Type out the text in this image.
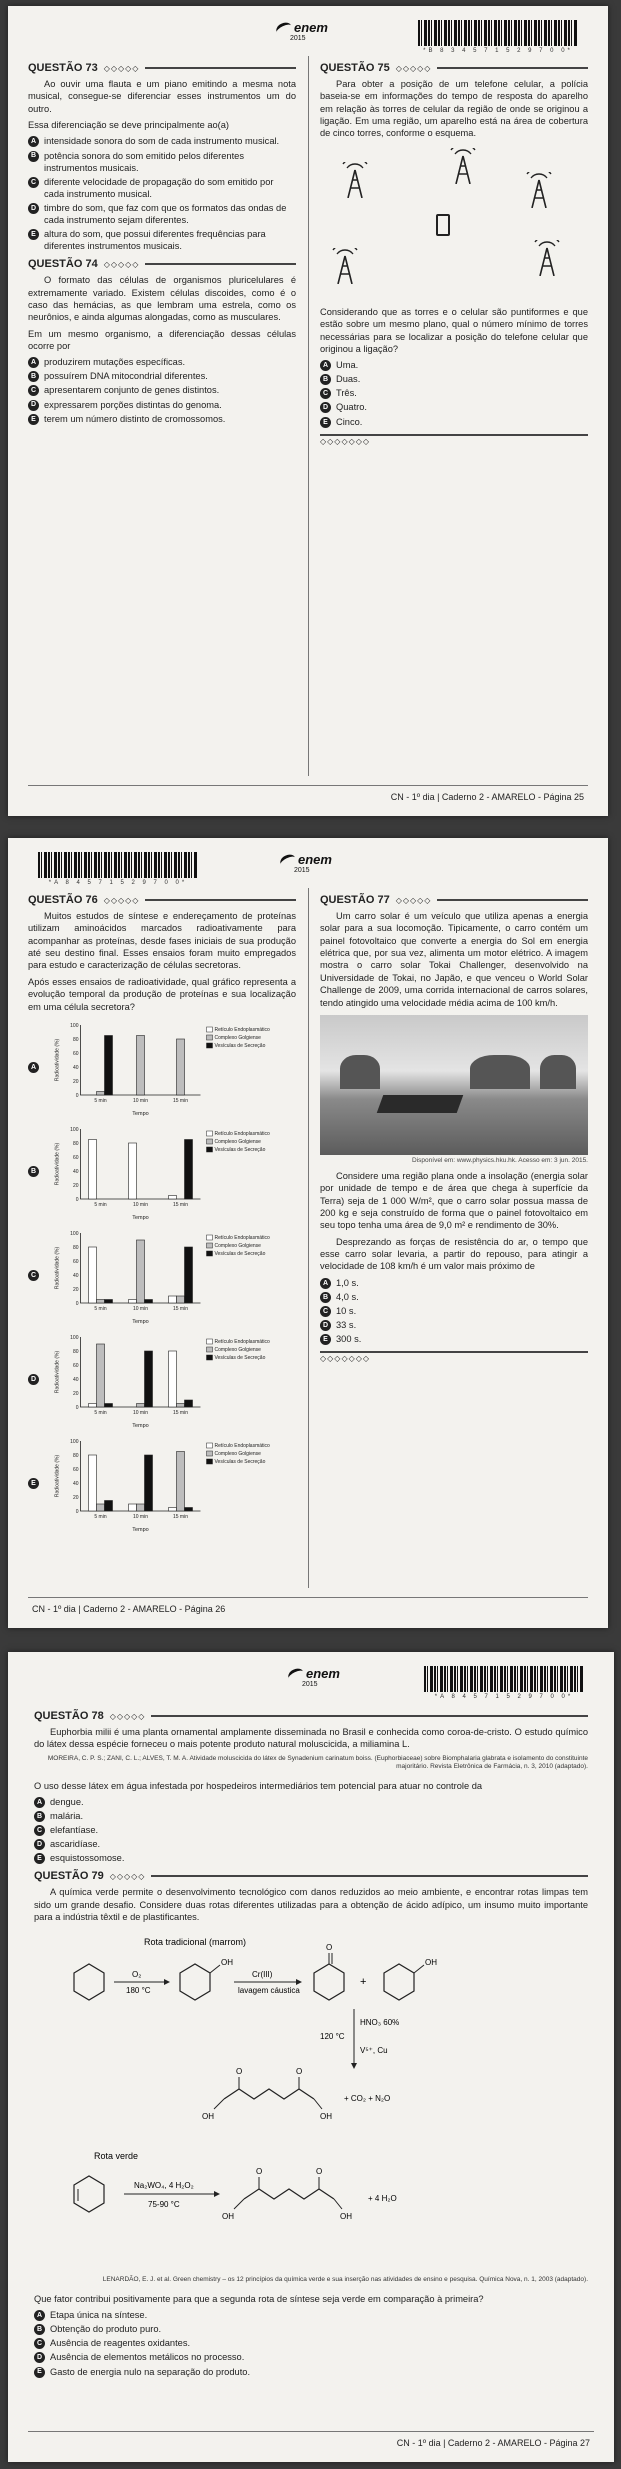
enem
2015
*B 8 3 4 5 7 1 5 2 9 7 0 0*
QUESTÃO 73 ◇◇◇◇◇

Ao ouvir uma flauta e um piano emitindo a mesma nota musical, consegue-se diferenciar esses instrumentos um do outro.

Essa diferenciação se deve principalmente ao(a)

A intensidade sonora do som de cada instrumento musical.
B potência sonora do som emitido pelos diferentes instrumentos musicais.
C diferente velocidade de propagação do som emitido por cada instrumento musical.
D timbre do som, que faz com que os formatos das ondas de cada instrumento sejam diferentes.
E altura do som, que possui diferentes frequências para diferentes instrumentos musicais.
QUESTÃO 74 ◇◇◇◇◇

O formato das células de organismos pluricelulares é extremamente variado. Existem células discoides, como é o caso das hemácias, as que lembram uma estrela, como os neurônios, e ainda algumas alongadas, como as musculares.

Em um mesmo organismo, a diferenciação dessas células ocorre por

A produzirem mutações específicas.
B possuírem DNA mitocondrial diferentes.
C apresentarem conjunto de genes distintos.
D expressarem porções distintas do genoma.
E terem um número distinto de cromossomos.
QUESTÃO 75 ◇◇◇◇◇

Para obter a posição de um telefone celular, a polícia baseia-se em informações do tempo de resposta do aparelho em relação às torres de celular da região de onde se originou a ligação. Em uma região, um aparelho está na área de cobertura de cinco torres, conforme o esquema.

Considerando que as torres e o celular são puntiformes e que estão sobre um mesmo plano, qual o número mínimo de torres necessárias para se localizar a posição do telefone celular que originou a ligação?

A Uma.
B Duas.
C Três.
D Quatro.
E Cinco.
◇◇◇◇◇◇◇
CN - 1º dia | Caderno 2 - AMARELO - Página 25
*A 8 4 5 7 1 5 2 9 7 0 0*
enem
2015
QUESTÃO 76 ◇◇◇◇◇

Muitos estudos de síntese e endereçamento de proteínas utilizam aminoácidos marcados radioativamente para acompanhar as proteínas, desde fases iniciais de sua produção até seu destino final. Esses ensaios foram muito empregados para estudo e caracterização de células secretoras.

Após esses ensaios de radioatividade, qual gráfico representa a evolução temporal da produção de proteínas e sua localização em uma célula secretora?

A
0
20
40
60
80
100
Radioatividade (%)
Tempo
5 min	10 min	15 min
Retículo Endoplasmático
Complexo Golgiense
Vesículas de Secreção
B
0
20
40
60
80
100
Radioatividade (%)
Tempo
5 min	10 min	15 min
Retículo Endoplasmático
Complexo Golgiense
Vesículas de Secreção
C
0
20
40
60
80
100
Radioatividade (%)
Tempo
5 min	10 min	15 min
Retículo Endoplasmático
Complexo Golgiense
Vesículas de Secreção
D
0
20
40
60
80
100
Radioatividade (%)
Tempo
5 min	10 min	15 min
Retículo Endoplasmático
Complexo Golgiense
Vesículas de Secreção
E
0
20
40
60
80
100
Radioatividade (%)
Tempo
5 min	10 min	15 min
Retículo Endoplasmático
Complexo Golgiense
Vesículas de Secreção
QUESTÃO 77 ◇◇◇◇◇

Um carro solar é um veículo que utiliza apenas a energia solar para a sua locomoção. Tipicamente, o carro contém um painel fotovoltaico que converte a energia do Sol em energia elétrica que, por sua vez, alimenta um motor elétrico. A imagem mostra o carro solar Tokai Challenger, desenvolvido na Universidade de Tokai, no Japão, e que venceu o World Solar Challenge de 2009, uma corrida internacional de carros solares, tendo atingido uma velocidade média acima de 100 km/h.

Disponível em: www.physics.hku.hk. Acesso em: 3 jun. 2015.

Considere uma região plana onde a insolação (energia solar por unidade de tempo e de área que chega à superfície da Terra) seja de 1 000 W/m², que o carro solar possua massa de 200 kg e seja construído de forma que o painel fotovoltaico em seu topo tenha uma área de 9,0 m² e rendimento de 30%.

Desprezando as forças de resistência do ar, o tempo que esse carro solar levaria, a partir do repouso, para atingir a velocidade de 108 km/h é um valor mais próximo de

A 1,0 s.
B 4,0 s.
C 10 s.
D 33 s.
E 300 s.
◇◇◇◇◇◇◇
CN - 1º dia | Caderno 2 - AMARELO - Página 26
enem
2015
*A 8 4 5 7 1 5 2 9 7 0 0*
QUESTÃO 78 ◇◇◇◇◇

Euphorbia milii é uma planta ornamental amplamente disseminada no Brasil e conhecida como coroa-de-cristo. O estudo químico do látex dessa espécie forneceu o mais potente produto natural moluscicida, a miliamina L.

MOREIRA, C. P. S.; ZANI, C. L.; ALVES, T. M. A. Atividade moluscicida do látex de Synadenium carinatum boiss. (Euphorbiaceae) sobre Biomphalaria glabrata e isolamento do constituinte majoritário. Revista Eletrônica de Farmácia, n. 3, 2010 (adaptado).

O uso desse látex em água infestada por hospedeiros intermediários tem potencial para atuar no controle da

A dengue.
B malária.
C elefantíase.
D ascaridíase.
E esquistossomose.
QUESTÃO 79 ◇◇◇◇◇

A química verde permite o desenvolvimento tecnológico com danos reduzidos ao meio ambiente, e encontrar rotas limpas tem sido um grande desafio. Considere duas rotas diferentes utilizadas para a obtenção de ácido adípico, um insumo muito importante para a indústria têxtil e de plastificantes.

Rota tradicional (marrom)
O₂
180 °C
OH
Cr(III)
lavagem cáustica
O
+
OH
HNO₃ 60%
120 °C
V⁵⁺, Cu
O
OH
O
OH
+ CO₂ + N₂O
Rota verde
Na₂WO₄, 4 H₂O₂
75-90 °C
O
OH
O
OH
+ 4 H₂O
LENARDÃO, E. J. et al. Green chemistry – os 12 princípios da química verde e sua inserção nas atividades de ensino e pesquisa. Química Nova, n. 1, 2003 (adaptado).

Que fator contribui positivamente para que a segunda rota de síntese seja verde em comparação à primeira?

A Etapa única na síntese.
B Obtenção do produto puro.
C Ausência de reagentes oxidantes.
D Ausência de elementos metálicos no processo.
E Gasto de energia nulo na separação do produto.
CN - 1º dia | Caderno 2 - AMARELO - Página 27
